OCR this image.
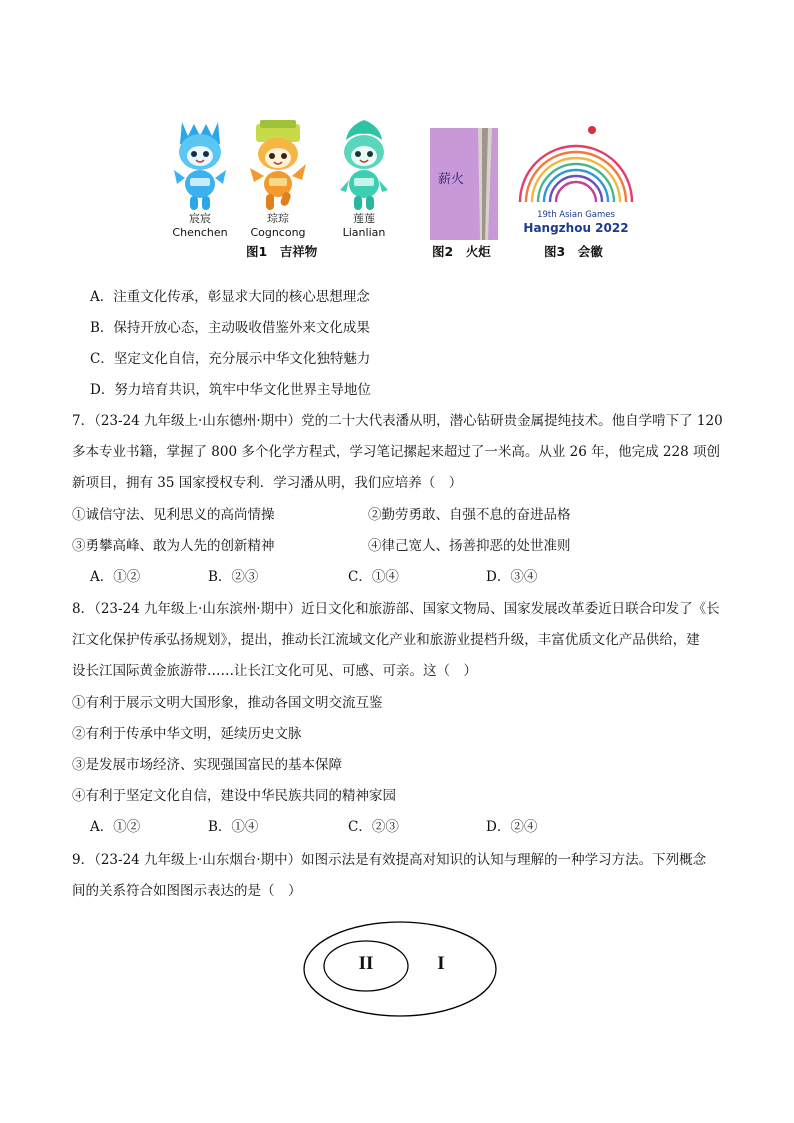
宸宸
Chenchen
琮琮
Cogncong
莲莲
Lianlian
薪火
19th Asian Games
Hangzhou 2022
图1　吉祥物	图2　火炬	图3　会徽
A．注重文化传承，彰显求大同的核心思想理念
B．保持开放心态，主动吸收借鉴外来文化成果
C．坚定文化自信，充分展示中华文化独特魅力
D．努力培育共识，筑牢中华文化世界主导地位
7．（23-24 九年级上·山东德州·期中）党的二十大代表潘从明，潜心钻研贵金属提纯技术。他自学啃下了 120
多本专业书籍，掌握了 800 多个化学方程式，学习笔记摞起来超过了一米高。从业 26 年，他完成 228 项创
新项目，拥有 35 国家授权专利．学习潘从明，我们应培养（　）
①诚信守法、见利思义的高尚情操	②勤劳勇敢、自强不息的奋进品格
③勇攀高峰、敢为人先的创新精神	④律己宽人、扬善抑恶的处世准则
A．①②	B．②③	C．①④	D．③④
8．（23-24 九年级上·山东滨州·期中）近日文化和旅游部、国家文物局、国家发展改革委近日联合印发了《长
江文化保护传承弘扬规划》，提出，推动长江流域文化产业和旅游业提档升级，丰富优质文化产品供给，建
设长江国际黄金旅游带……让长江文化可见、可感、可亲。这（　）
①有利于展示文明大国形象，推动各国文明交流互鉴
②有利于传承中华文明，延续历史文脉
③是发展市场经济、实现强国富民的基本保障
④有利于坚定文化自信，建设中华民族共同的精神家园
A．①②	B．①④	C．②③	D．②④
9．（23-24 九年级上·山东烟台·期中）如图示法是有效提高对知识的认知与理解的一种学习方法。下列概念
间的关系符合如图图示表达的是（　）
II	I
